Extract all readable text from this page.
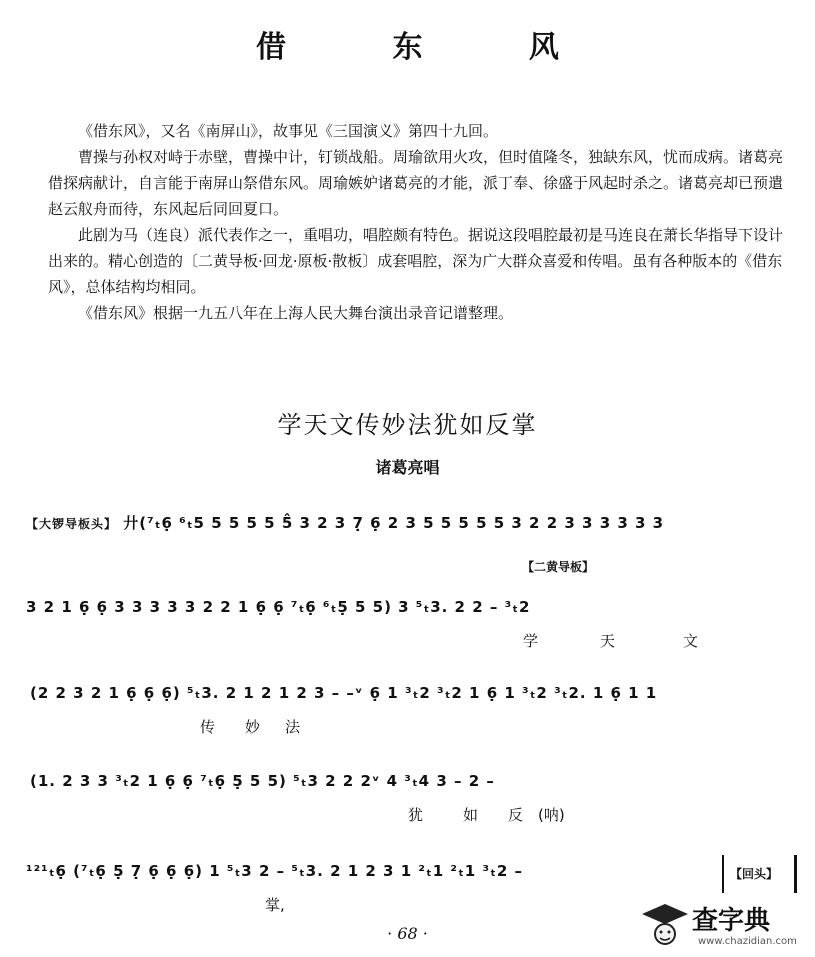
借 东 风

《借东风》，又名《南屏山》，故事见《三国演义》第四十九回。

曹操与孙权对峙于赤壁，曹操中计，钉锁战船。周瑜欲用火攻，但时值隆冬，独缺东风，忧而成病。诸葛亮借探病献计，自言能于南屏山祭借东风。周瑜嫉妒诸葛亮的才能，派丁奉、徐盛于风起时杀之。诸葛亮却已预遣赵云舣舟而待，东风起后同回夏口。

此剧为马（连良）派代表作之一，重唱功，唱腔颇有特色。据说这段唱腔最初是马连良在萧长华指导下设计出来的。精心创造的〔二黄导板·回龙·原板·散板〕成套唱腔，深为广大群众喜爱和传唱。虽有各种版本的《借东风》，总体结构均相同。

《借东风》根据一九五八年在上海人民大舞台演出录音记谱整理。

学天文传妙法犹如反掌
诸葛亮唱
【大锣导板头】 廾(⁷ₜ6̣ ⁶ₜ5 5 5 5 5 5̂ 3 2 3 7̣ 6̣ 2 3 5 5 5 5 5 3 2 2 3 3 3 3 3 3
【二黄导板】
3 2 1 6̣ 6̣ 3 3 3 3 3 2 2 1 6̣ 6̣ ⁷ₜ6̣ ⁶ₜ5̣ 5 5) 3 ⁵ₜ3. 2 2 – ³ₜ2
学	天	文
(2 2 3 2 1 6̣ 6̣ 6̣) ⁵ₜ3. 2 1 2 1 2 3 – –ᵛ 6̣ 1 ³ₜ2 ³ₜ2 1 6̣ 1 ³ₜ2 ³ₜ2. 1 6̣ 1 1
传 妙 法
(1. 2 3 3 ³ₜ2 1 6̣ 6̣ ⁷ₜ6̣ 5̣ 5 5) ⁵ₜ3 2 2 2ᵛ 4 ³ₜ4 3 – 2 –
犹	如 反 (呐)
¹²¹ₜ6̣ (⁷ₜ6̣ 5̣ 7̣ 6̣ 6̣ 6̣) 1 ⁵ₜ3 2 – ⁵ₜ3. 2 1 2 3 1 ²ₜ1 ²ₜ1 ³ₜ2 –
掌,
【回头】
· 68 ·	查字典
www.chazidian.com
